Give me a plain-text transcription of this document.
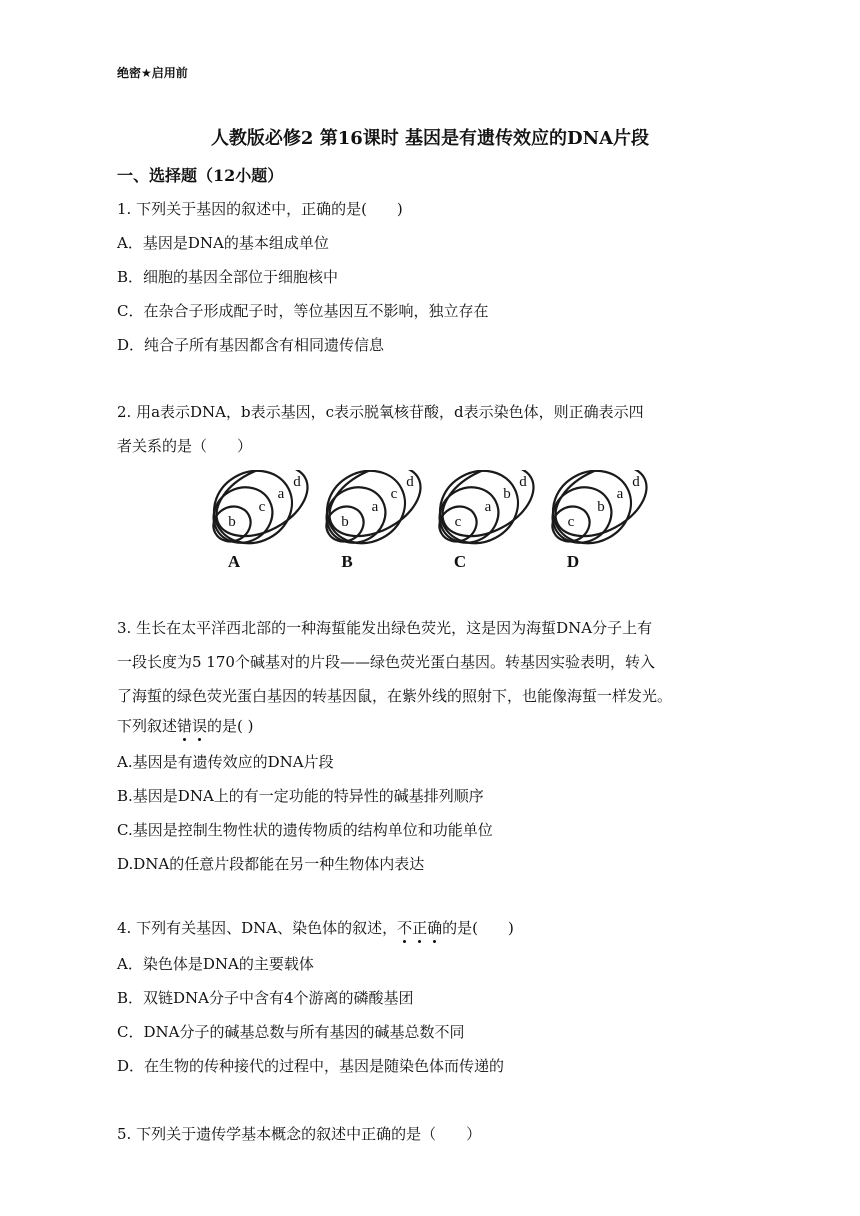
绝密★启用前
人教版必修2 第16课时 基因是有遗传效应的DNA片段
一、选择题（12小题）
1. 下列关于基因的叙述中，正确的是(　　)
A．基因是DNA的基本组成单位
B．细胞的基因全部位于细胞核中
C．在杂合子形成配子时，等位基因互不影响，独立存在
D．纯合子所有基因都含有相同遗传信息
2. 用a表示DNA，b表示基因，c表示脱氧核苷酸，d表示染色体，则正确表示四
者关系的是（　　）
b
c
a
d
A
b
a
c
d
B
c
a
b
d
C
c
b
a
d
D
3. 生长在太平洋西北部的一种海蜇能发出绿色荧光，这是因为海蜇DNA分子上有
一段长度为5 170个碱基对的片段——绿色荧光蛋白基因。转基因实验表明，转入
了海蜇的绿色荧光蛋白基因的转基因鼠，在紫外线的照射下，也能像海蜇一样发光。
下列叙述错误的是( )
A.基因是有遗传效应的DNA片段
B.基因是DNA上的有一定功能的特异性的碱基排列顺序
C.基因是控制生物性状的遗传物质的结构单位和功能单位
D.DNA的任意片段都能在另一种生物体内表达
4. 下列有关基因、DNA、染色体的叙述，不正确的是(　　)
A．染色体是DNA的主要载体
B．双链DNA分子中含有4个游离的磷酸基团
C．DNA分子的碱基总数与所有基因的碱基总数不同
D．在生物的传种接代的过程中，基因是随染色体而传递的
5. 下列关于遗传学基本概念的叙述中正确的是（　　）
